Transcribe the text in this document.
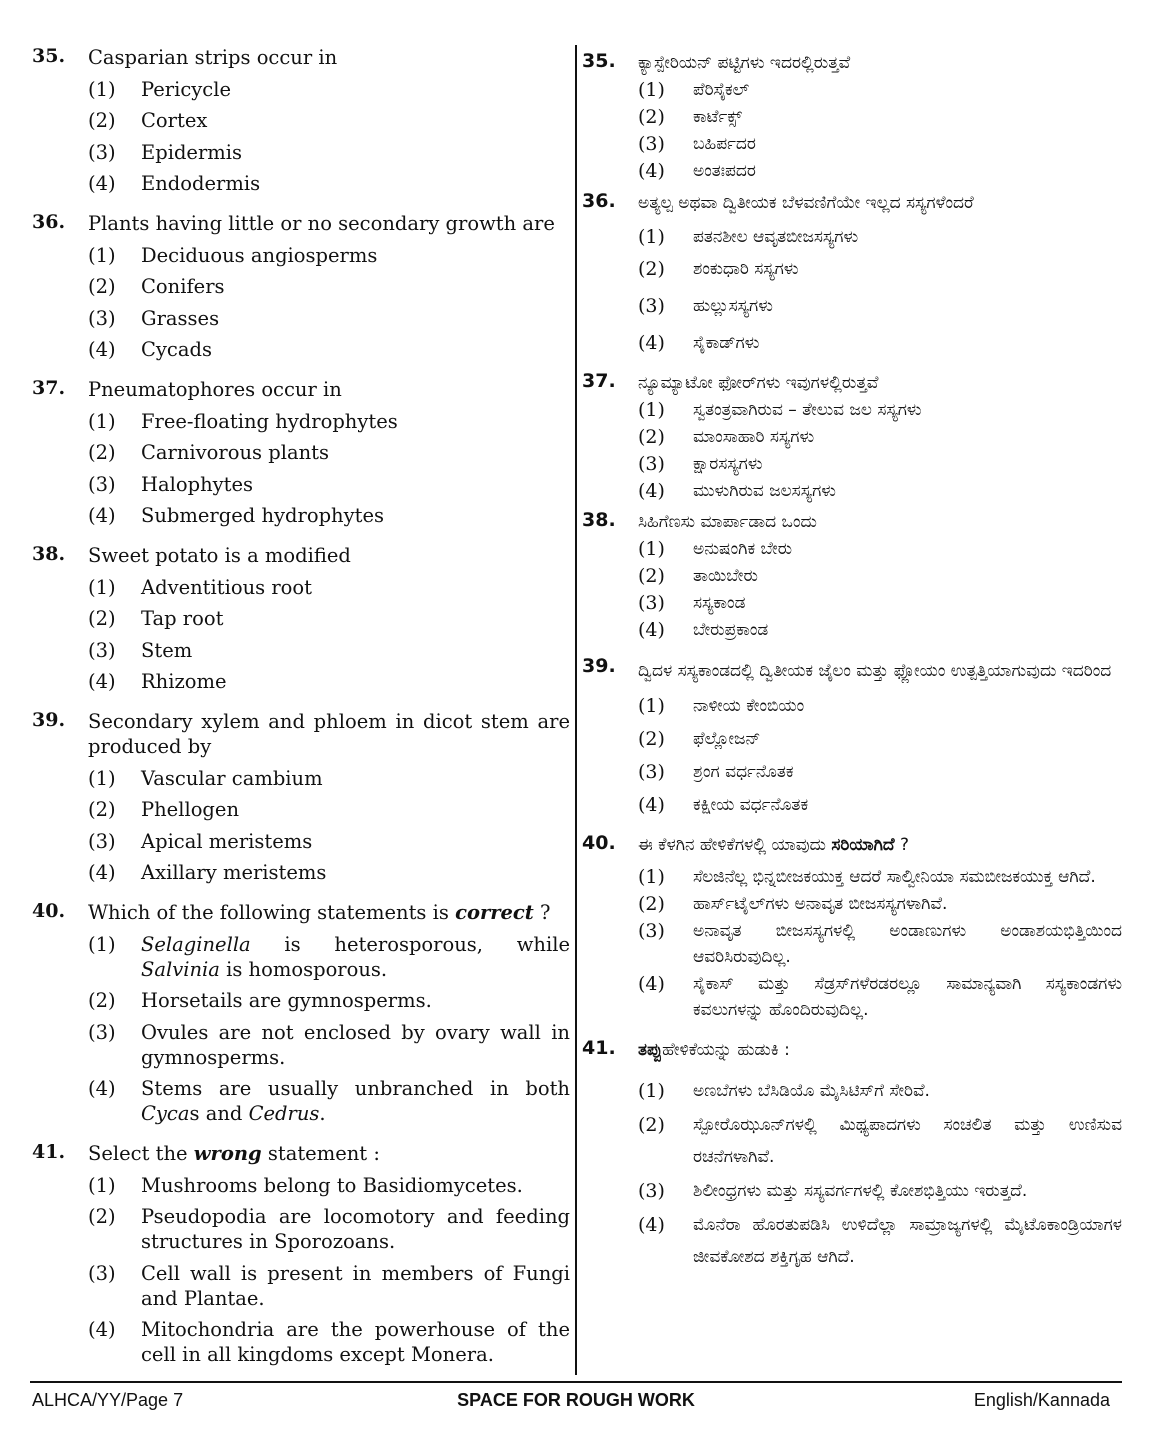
35.	Casparian strips occur in
(1)	Pericycle
(2)	Cortex
(3)	Epidermis
(4)	Endodermis
36.	Plants having little or no secondary growth are
(1)	Deciduous angiosperms
(2)	Conifers
(3)	Grasses
(4)	Cycads
37.	Pneumatophores occur in
(1)	Free-floating hydrophytes
(2)	Carnivorous plants
(3)	Halophytes
(4)	Submerged hydrophytes
38.	Sweet potato is a modified
(1)	Adventitious root
(2)	Tap root
(3)	Stem
(4)	Rhizome
39.	Secondary xylem and phloem in dicot stem are produced by
(1)	Vascular cambium
(2)	Phellogen
(3)	Apical meristems
(4)	Axillary meristems
40.	Which of the following statements is correct ?
(1)	Selaginella is heterosporous, while Salvinia is homosporous.
(2)	Horsetails are gymnosperms.
(3)	Ovules are not enclosed by ovary wall in gymnosperms.
(4)	Stems are usually unbranched in both Cycas and Cedrus.
41.	Select the wrong statement :
(1)	Mushrooms belong to Basidiomycetes.
(2)	Pseudopodia are locomotory and feeding structures in Sporozoans.
(3)	Cell wall is present in members of Fungi and Plantae.
(4)	Mitochondria are the powerhouse of the cell in all kingdoms except Monera.
35.	ಕ್ಯಾಸ್ಪೇರಿಯನ್ ಪಟ್ಟಿಗಳು ಇದರಲ್ಲಿರುತ್ತವೆ
(1)	ಪೆರಿಸೈಕಲ್
(2)	ಕಾರ್ಟೆಕ್ಸ್
(3)	ಬಹಿರ್ಪದರ
(4)	ಅಂತಃಪದರ
36.	ಅತ್ಯಲ್ಪ ಅಥವಾ ದ್ವಿತೀಯಕ ಬೆಳವಣಿಗೆಯೇ ಇಲ್ಲದ ಸಸ್ಯಗಳೆಂದರೆ
(1)	ಪತನಶೀಲ ಆವೃತಬೀಜಸಸ್ಯಗಳು
(2)	ಶಂಕುಧಾರಿ ಸಸ್ಯಗಳು
(3)	ಹುಲ್ಲುಸಸ್ಯಗಳು
(4)	ಸೈಕಾಡ್‌ಗಳು
37.	ನ್ಯೂಮ್ಯಾಟೋ ಫೋರ್‌ಗಳು ಇವುಗಳಲ್ಲಿರುತ್ತವೆ
(1)	ಸ್ವತಂತ್ರವಾಗಿರುವ – ತೇಲುವ ಜಲ ಸಸ್ಯಗಳು
(2)	ಮಾಂಸಾಹಾರಿ ಸಸ್ಯಗಳು
(3)	ಕ್ಷಾರಸಸ್ಯಗಳು
(4)	ಮುಳುಗಿರುವ ಜಲಸಸ್ಯಗಳು
38.	ಸಿಹಿಗೆಣಸು ಮಾರ್ಪಾಡಾದ ಒಂದು
(1)	ಅನುಷಂಗಿಕ ಬೇರು
(2)	ತಾಯಿಬೇರು
(3)	ಸಸ್ಯಕಾಂಡ
(4)	ಬೇರುಪ್ರಕಾಂಡ
39.	ದ್ವಿದಳ ಸಸ್ಯಕಾಂಡದಲ್ಲಿ ದ್ವಿತೀಯಕ ಜೈಲಂ ಮತ್ತು ಫ್ಲೋಯಂ ಉತ್ಪತ್ತಿಯಾಗುವುದು ಇದರಿಂದ
(1)	ನಾಳೀಯ ಕೇಂಬಿಯಂ
(2)	ಫೆಲ್ಲೋಜನ್
(3)	ಶ್ರಂಗ ವರ್ಧನೊತಕ
(4)	ಕಕ್ಷೀಯ ವರ್ಧನೊತಕ
40.	ಈ ಕೆಳಗಿನ ಹೇಳಿಕೆಗಳಲ್ಲಿ ಯಾವುದು ಸರಿಯಾಗಿದೆ ?
(1)	ಸೆಲಜಿನೆಲ್ಲ ಭಿನ್ನಬೀಜಕಯುಕ್ತ ಆದರೆ ಸಾಲ್ವೀನಿಯಾ ಸಮಬೀಜಕಯುಕ್ತ ಆಗಿದೆ.
(2)	ಹಾರ್ಸ್‌ಟೈಲ್‌ಗಳು ಅನಾವೃತ ಬೀಜಸಸ್ಯಗಳಾಗಿವೆ.
(3)	ಅನಾವೃತ ಬೀಜಸಸ್ಯಗಳಲ್ಲಿ ಅಂಡಾಣುಗಳು ಅಂಡಾಶಯಭಿತ್ತಿಯಿಂದ ಆವರಿಸಿರುವುದಿಲ್ಲ.
(4)	ಸೈಕಾಸ್ ಮತ್ತು ಸೆಡ್ರಸ್‌ಗಳೆರಡರಲ್ಲೂ ಸಾಮಾನ್ಯವಾಗಿ ಸಸ್ಯಕಾಂಡಗಳು ಕವಲುಗಳನ್ನು ಹೊಂದಿರುವುದಿಲ್ಲ.
41.	ತಪ್ಪುಹೇಳಿಕೆಯನ್ನು ಹುಡುಕಿ :
(1)	ಅಣಬೆಗಳು ಬೆಸಿಡಿಯೊ ಮೈಸಿಟಿಸ್‌ಗೆ ಸೇರಿವೆ.
(2)	ಸ್ಪೋರೊಝೂನ್‌ಗಳಲ್ಲಿ ಮಿಥ್ಯಪಾದಗಳು ಸಂಚಲಿತ ಮತ್ತು ಉಣಿಸುವ ರಚನೆಗಳಾಗಿವೆ.
(3)	ಶಿಲೀಂಧ್ರಗಳು ಮತ್ತು ಸಸ್ಯವರ್ಗಗಳಲ್ಲಿ ಕೋಶಭಿತ್ತಿಯು ಇರುತ್ತದೆ.
(4)	ಮೊನೆರಾ ಹೊರತುಪಡಿಸಿ ಉಳಿದೆಲ್ಲಾ ಸಾಮ್ರಾಜ್ಯಗಳಲ್ಲಿ ಮೈಟೊಕಾಂಡ್ರಿಯಾಗಳ ಜೀವಕೋಶದ ಶಕ್ತಿಗೃಹ ಆಗಿದೆ.
ALHCA/YY/Page 7	SPACE FOR ROUGH WORK	English/Kannada
